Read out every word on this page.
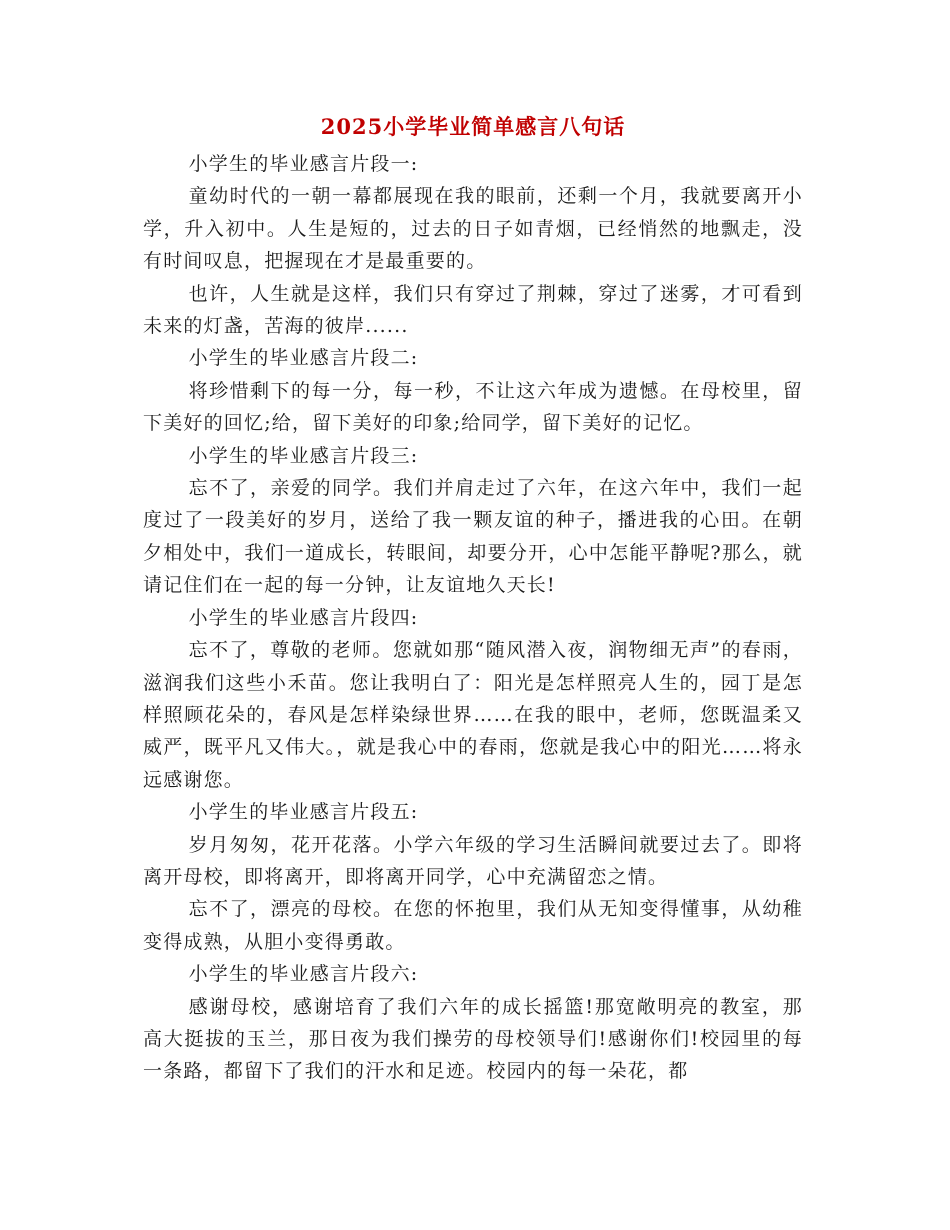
2025小学毕业简单感言八句话

小学生的毕业感言片段一:

童幼时代的一朝一幕都展现在我的眼前，还剩一个月，我就要离开小学，升入初中。人生是短的，过去的日子如青烟，已经悄然的地飘走，没有时间叹息，把握现在才是最重要的。

也许，人生就是这样，我们只有穿过了荆棘，穿过了迷雾，才可看到未来的灯盏，苦海的彼岸......

小学生的毕业感言片段二:

将珍惜剩下的每一分，每一秒，不让这六年成为遗憾。在母校里，留下美好的回忆;给，留下美好的印象;给同学，留下美好的记忆。

小学生的毕业感言片段三:

忘不了，亲爱的同学。我们并肩走过了六年，在这六年中，我们一起度过了一段美好的岁月，送给了我一颗友谊的种子，播进我的心田。在朝夕相处中，我们一道成长，转眼间，却要分开，心中怎能平静呢?那么，就请记住们在一起的每一分钟，让友谊地久天长!

小学生的毕业感言片段四:

忘不了，尊敬的老师。您就如那“随风潜入夜，润物细无声”的春雨，滋润我们这些小禾苗。您让我明白了：阳光是怎样照亮人生的，园丁是怎样照顾花朵的，春风是怎样染绿世界……在我的眼中，老师，您既温柔又威严，既平凡又伟大。，就是我心中的春雨，您就是我心中的阳光……将永远感谢您。

小学生的毕业感言片段五:

岁月匆匆，花开花落。小学六年级的学习生活瞬间就要过去了。即将离开母校，即将离开，即将离开同学，心中充满留恋之情。

忘不了，漂亮的母校。在您的怀抱里，我们从无知变得懂事，从幼稚变得成熟，从胆小变得勇敢。

小学生的毕业感言片段六:

感谢母校，感谢培育了我们六年的成长摇篮!那宽敞明亮的教室，那高大挺拔的玉兰，那日夜为我们操劳的母校领导们!感谢你们!校园里的每一条路，都留下了我们的汗水和足迹。校园内的每一朵花，都
